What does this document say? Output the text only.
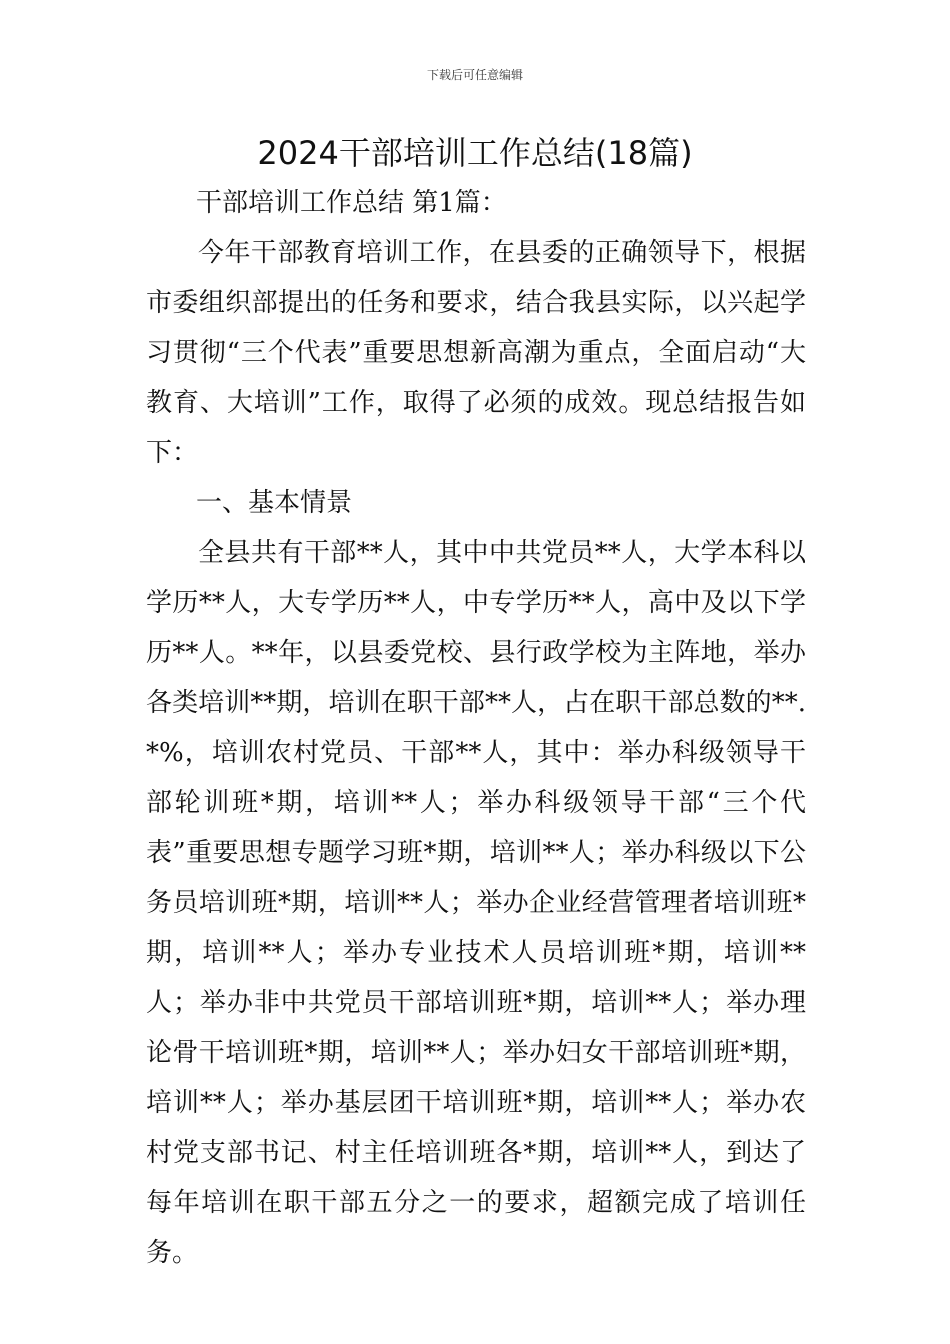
下载后可任意编辑
2024干部培训工作总结(18篇)

干部培训工作总结 第1篇：

今年干部教育培训工作，在县委的正确领导下，根据市委组织部提出的任务和要求，结合我县实际，以兴起学习贯彻“三个代表”重要思想新高潮为重点，全面启动“大教育、大培训”工作，取得了必须的成效。现总结报告如下：

一、基本情景

全县共有干部**人，其中中共党员**人，大学本科以学历**人，大专学历**人，中专学历**人，高中及以下学历**人。**年，以县委党校、县行政学校为主阵地，举办各类培训**期，培训在职干部**人，占在职干部总数的**.*%，培训农村党员、干部**人，其中：举办科级领导干部轮训班*期，培训**人；举办科级领导干部“三个代表”重要思想专题学习班*期，培训**人；举办科级以下公务员培训班*期，培训**人；举办企业经营管理者培训班*期，培训**人；举办专业技术人员培训班*期，培训**人；举办非中共党员干部培训班*期，培训**人；举办理论骨干培训班*期，培训**人；举办妇女干部培训班*期，培训**人；举办基层团干培训班*期，培训**人；举办农村党支部书记、村主任培训班各*期，培训**人，到达了每年培训在职干部五分之一的要求，超额完成了培训任务。
